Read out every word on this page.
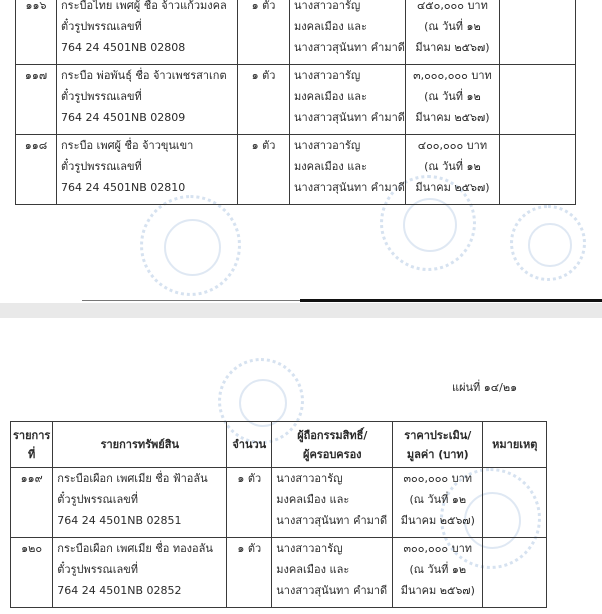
๑๑๖	กระบือไทย เพศผู้ ชื่อ จ้าวแก้วมงคล
ตั๋วรูปพรรณเลขที่
764 24 4501NB 02808	๑ ตัว	นางสาวอารัญ
มงคลเมือง และ
นางสาวสุนันทา คำมาดี	๔๕๐,๐๐๐ บาท
(ณ วันที่ ๑๒
มีนาคม ๒๕๖๗)	

๑๑๗	กระบือ พ่อพันธุ์ ชื่อ จ้าวเพชรสาเกต
ตั๋วรูปพรรณเลขที่
764 24 4501NB 02809	๑ ตัว	นางสาวอารัญ
มงคลเมือง และ
นางสาวสุนันทา คำมาดี	๓,๐๐๐,๐๐๐ บาท
(ณ วันที่ ๑๒
มีนาคม ๒๕๖๗)	

๑๑๘	กระบือ เพศผู้ ชื่อ จ้าวขุนเขา
ตั๋วรูปพรรณเลขที่
764 24 4501NB 02810	๑ ตัว	นางสาวอารัญ
มงคลเมือง และ
นางสาวสุนันทา คำมาดี	๔๐๐,๐๐๐ บาท
(ณ วันที่ ๑๒
มีนาคม ๒๕๖๗)	

แผ่นที่ ๑๔/๒๑
รายการ
ที่	รายการทรัพย์สิน	จำนวน	ผู้ถือกรรมสิทธิ์/
ผู้ครอบครอง	ราคาประเมิน/
มูลค่า (บาท)	หมายเหตุ
๑๑๙	กระบือเผือก เพศเมีย ชื่อ ฟ้าอลัน
ตั๋วรูปพรรณเลขที่
764 24 4501NB 02851	๑ ตัว	นางสาวอารัญ
มงคลเมือง และ
นางสาวสุนันทา คำมาดี	๓๐๐,๐๐๐ บาท
(ณ วันที่ ๑๒
มีนาคม ๒๕๖๗)	

๑๒๐	กระบือเผือก เพศเมีย ชื่อ ทองอลัน
ตั๋วรูปพรรณเลขที่
764 24 4501NB 02852	๑ ตัว	นางสาวอารัญ
มงคลเมือง และ
นางสาวสุนันทา คำมาดี	๓๐๐,๐๐๐ บาท
(ณ วันที่ ๑๒
มีนาคม ๒๕๖๗)	
